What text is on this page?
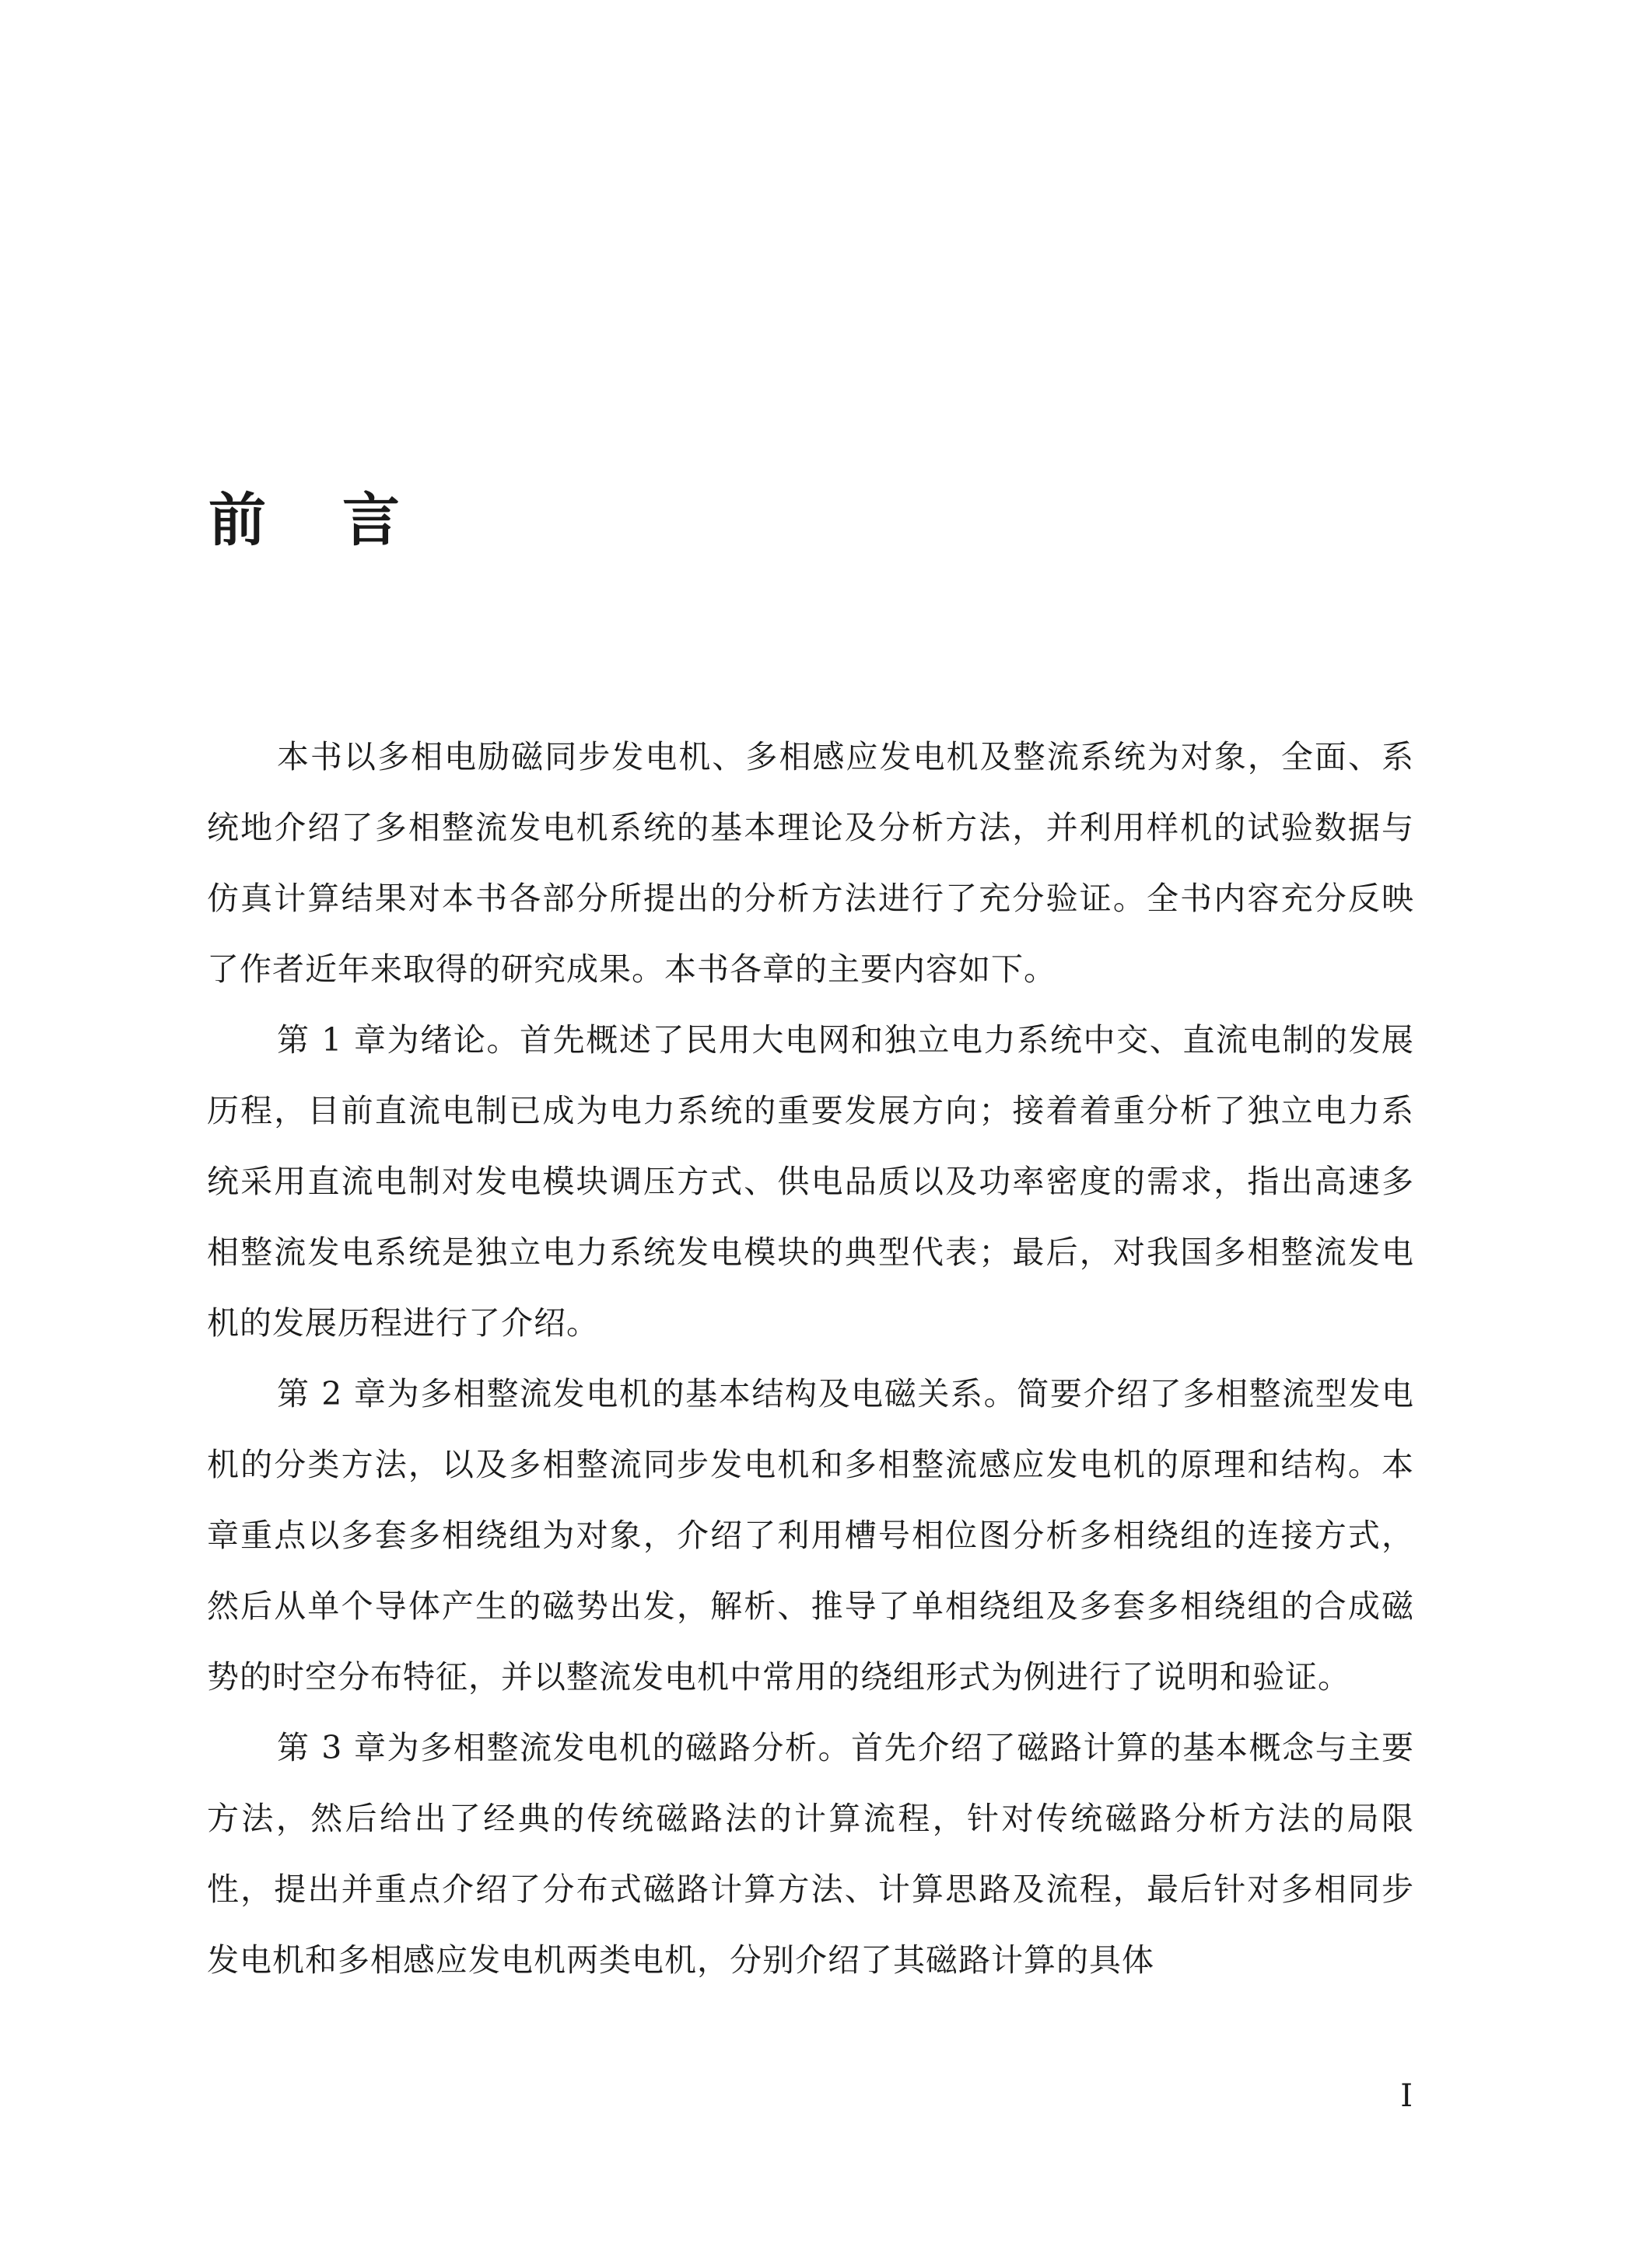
前 言

本书以多相电励磁同步发电机、多相感应发电机及整流系统为对象，全面、系统地介绍了多相整流发电机系统的基本理论及分析方法，并利用样机的试验数据与仿真计算结果对本书各部分所提出的分析方法进行了充分验证。全书内容充分反映了作者近年来取得的研究成果。本书各章的主要内容如下。

第 1 章为绪论。首先概述了民用大电网和独立电力系统中交、直流电制的发展历程，目前直流电制已成为电力系统的重要发展方向；接着着重分析了独立电力系统采用直流电制对发电模块调压方式、供电品质以及功率密度的需求，指出高速多相整流发电系统是独立电力系统发电模块的典型代表；最后，对我国多相整流发电机的发展历程进行了介绍。

第 2 章为多相整流发电机的基本结构及电磁关系。简要介绍了多相整流型发电机的分类方法，以及多相整流同步发电机和多相整流感应发电机的原理和结构。本章重点以多套多相绕组为对象，介绍了利用槽号相位图分析多相绕组的连接方式，然后从单个导体产生的磁势出发，解析、推导了单相绕组及多套多相绕组的合成磁势的时空分布特征，并以整流发电机中常用的绕组形式为例进行了说明和验证。

第 3 章为多相整流发电机的磁路分析。首先介绍了磁路计算的基本概念与主要方法，然后给出了经典的传统磁路法的计算流程，针对传统磁路分析方法的局限性，提出并重点介绍了分布式磁路计算方法、计算思路及流程，最后针对多相同步发电机和多相感应发电机两类电机，分别介绍了其磁路计算的具体

I
